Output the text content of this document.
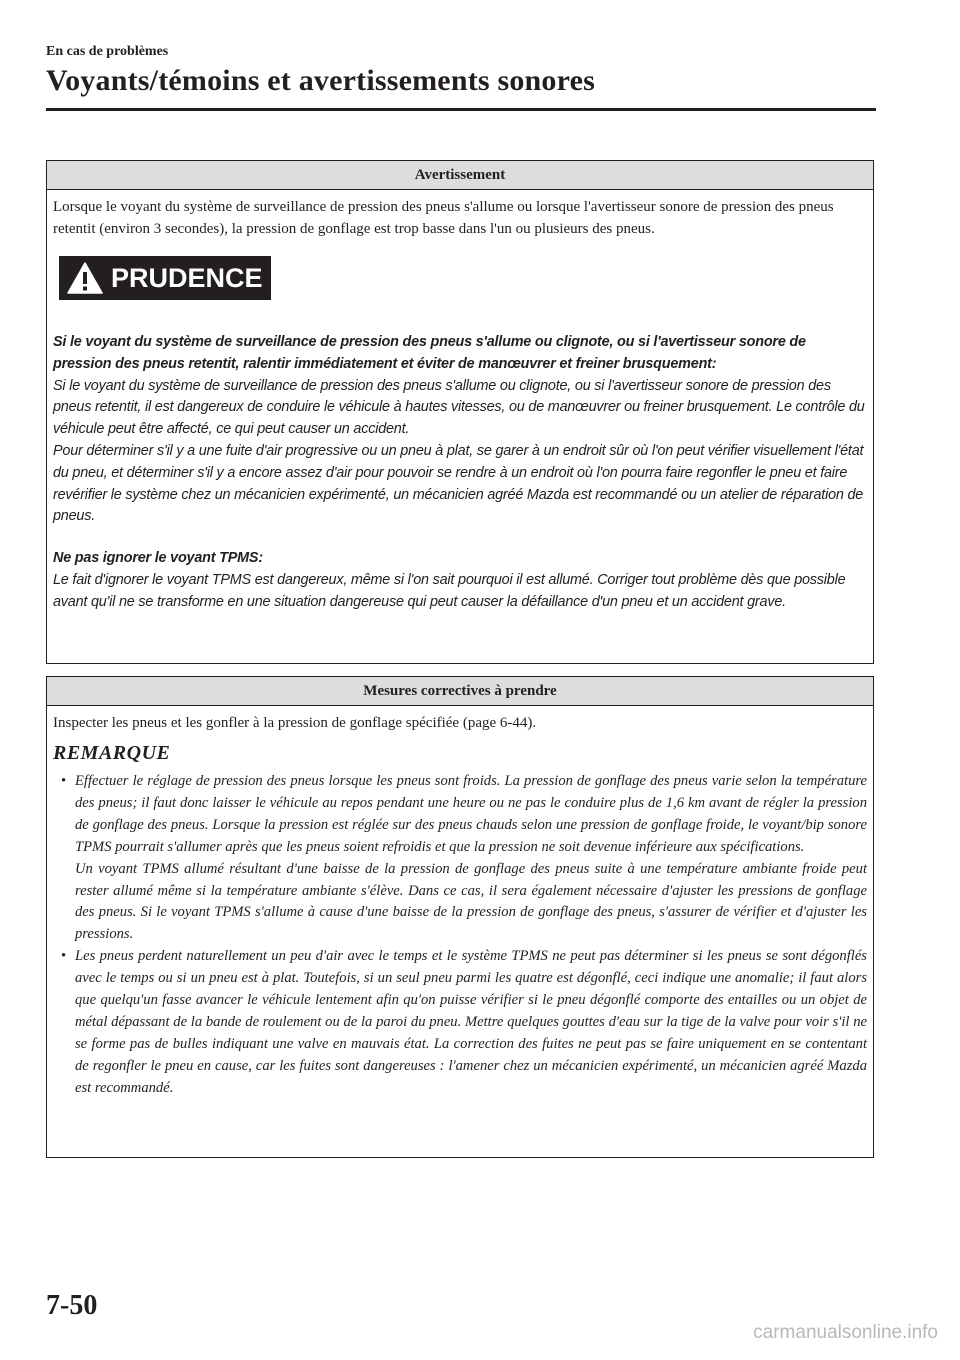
En cas de problèmes
Voyants/témoins et avertissements sonores
Avertissement

Lorsque le voyant du système de surveillance de pression des pneus s'allume ou lorsque l'avertisseur sonore de pression des pneus retentit (environ 3 secondes), la pression de gonflage est trop basse dans l'un ou plusieurs des pneus.

PRUDENCE

Si le voyant du système de surveillance de pression des pneus s'allume ou clignote, ou si l'avertisseur sonore de pression des pneus retentit, ralentir immédiatement et éviter de manœuvrer et freiner brusquement:

Si le voyant du système de surveillance de pression des pneus s'allume ou clignote, ou si l'avertisseur sonore de pression des pneus retentit, il est dangereux de conduire le véhicule à hautes vitesses, ou de manœuvrer ou freiner brusquement. Le contrôle du véhicule peut être affecté, ce qui peut causer un accident.

Pour déterminer s'il y a une fuite d'air progressive ou un pneu à plat, se garer à un endroit sûr où l'on peut vérifier visuellement l'état du pneu, et déterminer s'il y a encore assez d'air pour pouvoir se rendre à un endroit où l'on pourra faire regonfler le pneu et faire revérifier le système chez un mécanicien expérimenté, un mécanicien agréé Mazda est recommandé ou un atelier de réparation de pneus.

Ne pas ignorer le voyant TPMS:

Le fait d'ignorer le voyant TPMS est dangereux, même si l'on sait pourquoi il est allumé. Corriger tout problème dès que possible avant qu'il ne se transforme en une situation dangereuse qui peut causer la défaillance d'un pneu et un accident grave.

Mesures correctives à prendre

Inspecter les pneus et les gonfler à la pression de gonflage spécifiée (page 6-44).

REMARQUE
• Effectuer le réglage de pression des pneus lorsque les pneus sont froids. La pression de gonflage des pneus varie selon la température des pneus; il faut donc laisser le véhicule au repos pendant une heure ou ne pas le conduire plus de 1,6 km avant de régler la pression de gonflage des pneus. Lorsque la pression est réglée sur des pneus chauds selon une pression de gonflage froide, le voyant/bip sonore TPMS pourrait s'allumer après que les pneus soient refroidis et que la pression ne soit devenue inférieure aux spécifications.
Un voyant TPMS allumé résultant d'une baisse de la pression de gonflage des pneus suite à une température ambiante froide peut rester allumé même si la température ambiante s'élève. Dans ce cas, il sera également nécessaire d'ajuster les pressions de gonflage des pneus. Si le voyant TPMS s'allume à cause d'une baisse de la pression de gonflage des pneus, s'assurer de vérifier et d'ajuster les pressions.
• Les pneus perdent naturellement un peu d'air avec le temps et le système TPMS ne peut pas déterminer si les pneus se sont dégonflés avec le temps ou si un pneu est à plat. Toutefois, si un seul pneu parmi les quatre est dégonflé, ceci indique une anomalie; il faut alors que quelqu'un fasse avancer le véhicule lentement afin qu'on puisse vérifier si le pneu dégonflé comporte des entailles ou un objet de métal dépassant de la bande de roulement ou de la paroi du pneu. Mettre quelques gouttes d'eau sur la tige de la valve pour voir s'il ne se forme pas de bulles indiquant une valve en mauvais état. La correction des fuites ne peut pas se faire uniquement en se contentant de regonfler le pneu en cause, car les fuites sont dangereuses : l'amener chez un mécanicien expérimenté, un mécanicien agréé Mazda est recommandé.
7-50
carmanualsonline.info
